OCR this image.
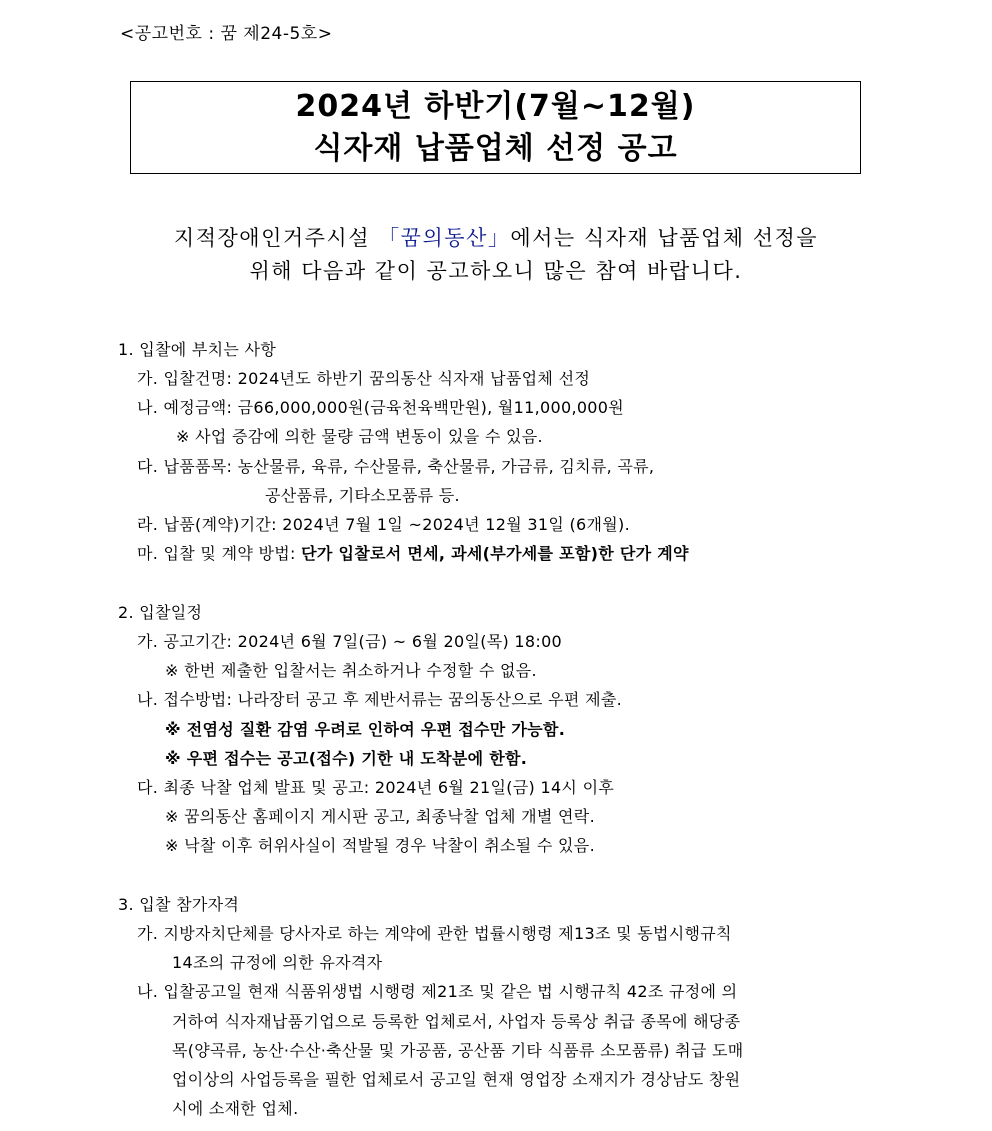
<공고번호 : 꿈 제24-5호>
2024년 하반기(7월~12월)
식자재 납품업체 선정 공고
지적장애인거주시설 「꿈의동산」에서는 식자재 납품업체 선정을
위해 다음과 같이 공고하오니 많은 참여 바랍니다.
1. 입찰에 부치는 사항
가. 입찰건명: 2024년도 하반기 꿈의동산 식자재 납품업체 선정
나. 예정금액: 금66,000,000원(금육천육백만원), 월11,000,000원
※ 사업 증감에 의한 물량 금액 변동이 있을 수 있음.
다. 납품품목: 농산물류, 육류, 수산물류, 축산물류, 가금류, 김치류, 곡류,
공산품류, 기타소모품류 등.
라. 납품(계약)기간: 2024년 7월 1일 ~2024년 12월 31일 (6개월).
마. 입찰 및 계약 방법: 단가 입찰로서 면세, 과세(부가세를 포함)한 단가 계약
2. 입찰일정
가. 공고기간: 2024년 6월 7일(금) ~ 6월 20일(목) 18:00
※ 한번 제출한 입찰서는 취소하거나 수정할 수 없음.
나. 접수방법: 나라장터 공고 후 제반서류는 꿈의동산으로 우편 제출.
※ 전염성 질환 감염 우려로 인하여 우편 접수만 가능함.
※ 우편 접수는 공고(접수) 기한 내 도착분에 한함.
다. 최종 낙찰 업체 발표 및 공고: 2024년 6월 21일(금) 14시 이후
※ 꿈의동산 홈페이지 게시판 공고, 최종낙찰 업체 개별 연락.
※ 낙찰 이후 허위사실이 적발될 경우 낙찰이 취소될 수 있음.
3. 입찰 참가자격
가. 지방자치단체를 당사자로 하는 계약에 관한 법률시행령 제13조 및 동법시행규칙
14조의 규정에 의한 유자격자
나. 입찰공고일 현재 식품위생법 시행령 제21조 및 같은 법 시행규칙 42조 규정에 의
거하여 식자재납품기업으로 등록한 업체로서, 사업자 등록상 취급 종목에 해당종
목(양곡류, 농산·수산·축산물 및 가공품, 공산품 기타 식품류 소모품류) 취급 도매
업이상의 사업등록을 필한 업체로서 공고일 현재 영업장 소재지가 경상남도 창원
시에 소재한 업체.
